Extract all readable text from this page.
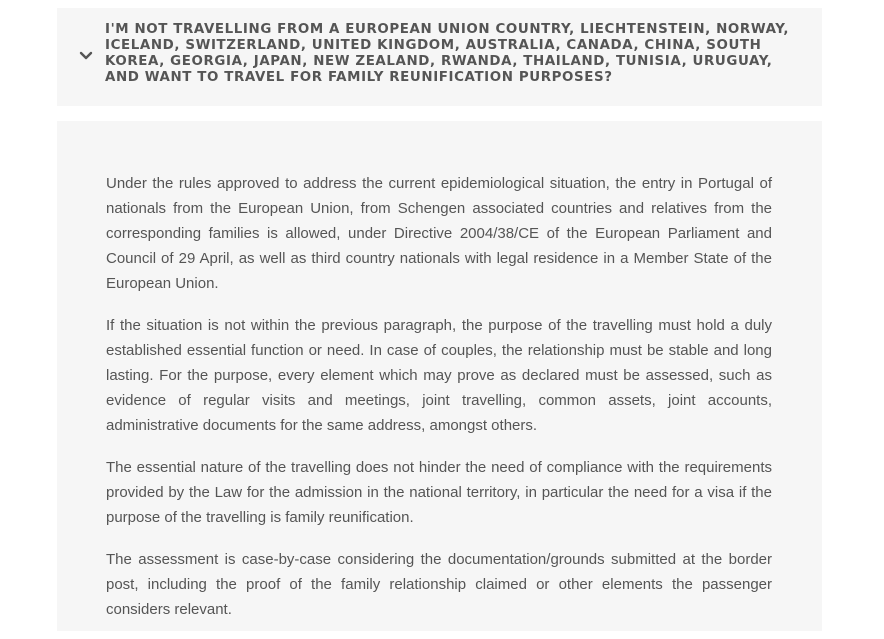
I'M NOT TRAVELLING FROM A EUROPEAN UNION COUNTRY, LIECHTENSTEIN, NORWAY, ICELAND, SWITZERLAND, UNITED KINGDOM, AUSTRALIA, CANADA, CHINA, SOUTH KOREA, GEORGIA, JAPAN, NEW ZEALAND, RWANDA, THAILAND, TUNISIA, URUGUAY, AND WANT TO TRAVEL FOR FAMILY REUNIFICATION PURPOSES?

Under the rules approved to address the current epidemiological situation, the entry in Portugal of nationals from the European Union, from Schengen associated countries and relatives from the corresponding families is allowed, under Directive 2004/38/CE of the European Parliament and Council of 29 April, as well as third country nationals with legal residence in a Member State of the European Union.

If the situation is not within the previous paragraph, the purpose of the travelling must hold a duly established essential function or need. In case of couples, the relationship must be stable and long lasting. For the purpose, every element which may prove as declared must be assessed, such as evidence of regular visits and meetings, joint travelling, common assets, joint accounts, administrative documents for the same address, amongst others.

The essential nature of the travelling does not hinder the need of compliance with the requirements provided by the Law for the admission in the national territory, in particular the need for a visa if the purpose of the travelling is family reunification.

The assessment is case-by-case considering the documentation/grounds submitted at the border post, including the proof of the family relationship claimed or other elements the passenger considers relevant.
